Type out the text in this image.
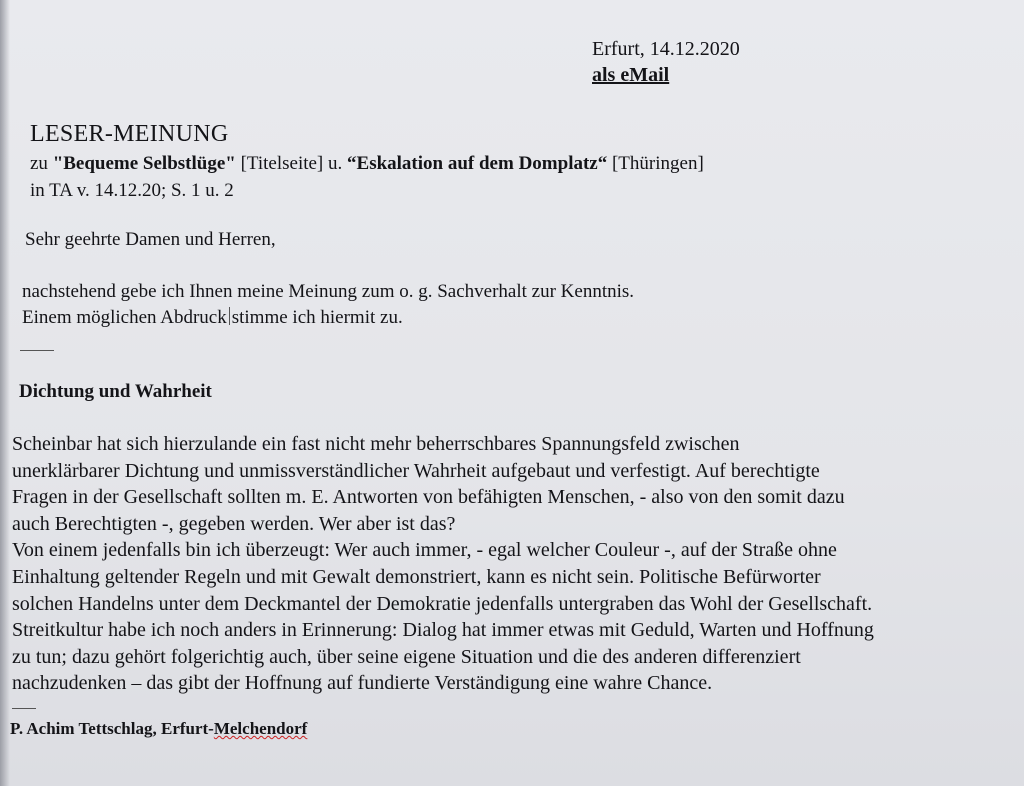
Erfurt, 14.12.2020
als eMail
LESER-MEINUNG
zu "Bequeme Selbstlüge" [Titelseite] u. “Eskalation auf dem Domplatz“ [Thüringen]
in TA v. 14.12.20; S. 1 u. 2
Sehr geehrte Damen und Herren,
nachstehend gebe ich Ihnen meine Meinung zum o. g. Sachverhalt zur Kenntnis.
Einem möglichen Abdruck stimme ich hiermit zu.
Dichtung und Wahrheit
Scheinbar hat sich hierzulande ein fast nicht mehr beherrschbares Spannungsfeld zwischen
unerklärbarer Dichtung und unmissverständlicher Wahrheit aufgebaut und verfestigt. Auf berechtigte
Fragen in der Gesellschaft sollten m. E. Antworten von befähigten Menschen, - also von den somit dazu
auch Berechtigten -, gegeben werden. Wer aber ist das?
Von einem jedenfalls bin ich überzeugt: Wer auch immer, - egal welcher Couleur -, auf der Straße ohne
Einhaltung geltender Regeln und mit Gewalt demonstriert, kann es nicht sein. Politische Befürworter
solchen Handelns unter dem Deckmantel der Demokratie jedenfalls untergraben das Wohl der Gesellschaft.
Streitkultur habe ich noch anders in Erinnerung: Dialog hat immer etwas mit Geduld, Warten und Hoffnung
zu tun; dazu gehört folgerichtig auch, über seine eigene Situation und die des anderen differenziert
nachzudenken – das gibt der Hoffnung auf fundierte Verständigung eine wahre Chance.
P. Achim Tettschlag, Erfurt-Melchendorf
